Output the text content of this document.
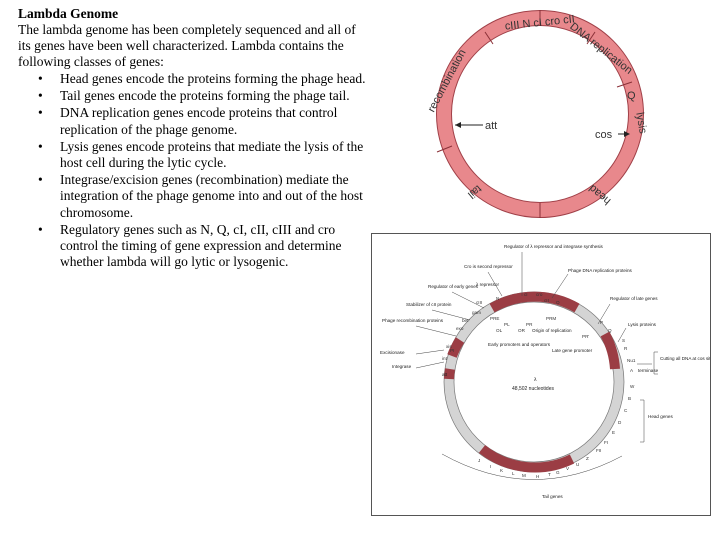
Lambda Genome

The lambda genome has been completely sequenced and all of its genes have been well characterized. Lambda contains the following classes of genes:

• Head genes encode the proteins forming the phage head.
• Tail genes encode the proteins forming the phage tail.
• DNA replication genes encode proteins that control replication of the phage genome.
• Lysis genes encode proteins that mediate the lysis of the host cell during the lytic cycle.
• Integrase/excision genes (recombination) mediate the integration of the phage genome into and out of the host chromosome.
• Regulatory genes such as N, Q, cI, cII, cIII and cro control the timing of gene expression and determine whether lambda will go lytic or lysogenic.
recombination
cIII N cI cro cII
DNA replication
Q
lysis
head
tail
att
cos
Regulator of λ repressor and integrase synthesis
Cro is second repressor
Phage DNA replication proteins
Regulator of early genes
λ repressor
Regulator of late genes
Stabilizer of cII protein
Lysis proteins
Phage recombination proteins
Origin of replication
Early promoters and operators
Late gene promoter
Excisionase
Integrase
att
terminase
Cutting all DNA at cos site
Head genes
Tail genes
λ
48,502 nucleotides
N
cI cro
cII O
P
Q
S
R
cIII
xis
int
exo
bet
gam
Nu1
A
W
B
C
D
E
FI
FII
Z
U
V
G
T
H
M
L
K
I
J
PL
OL
PR
OR
PRE	PRM
PI
PR'
